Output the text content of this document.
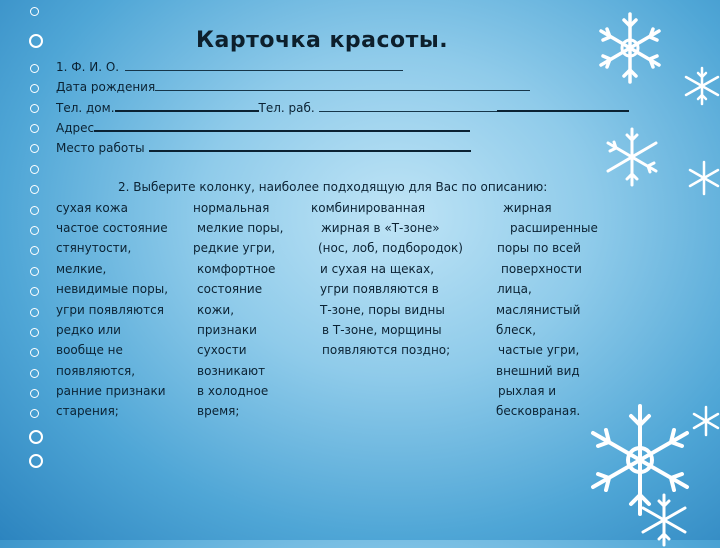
Карточка красоты.
1. Ф. И. О.
Дата рождения
Тел. дом.	Тел. раб.
Адрес
Место работы
2. Выберите колонку, наиболее подходящую для Вас по описанию:
сухая кожа
частое состояние
стянутости,
мелкие,
невидимые поры,
угри появляются
редко или
вообще не
появляются,
ранние признаки
старения;
нормальная
мелкие поры,
редкие угри,
комфортное
состояние
кожи,
признаки
сухости
возникают
в холодное
время;
комбинированная
жирная в «Т-зоне»
(нос, лоб, подбородок)
и сухая на щеках,
угри появляются в
Т-зоне, поры видны
в Т-зоне, морщины
появляются поздно;
жирная
расширенные
поры по всей
поверхности
лица,
маслянистый
блеск,
частые угри,
внешний вид
рыхлая и
бесковраная.
